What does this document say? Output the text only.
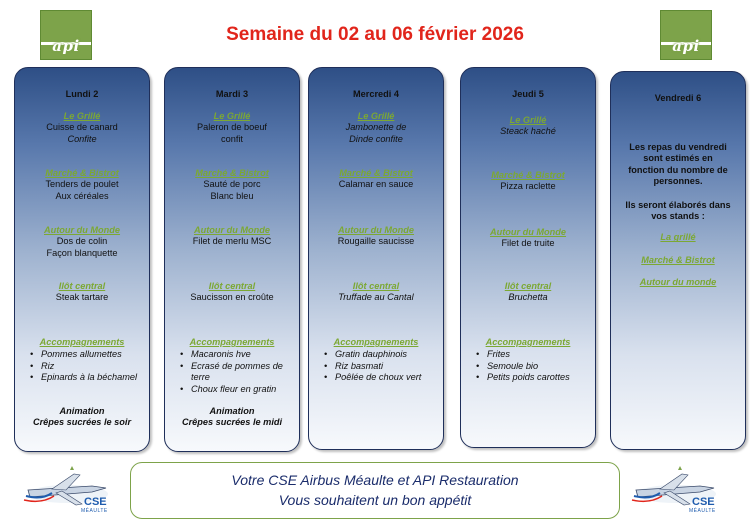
api	api
Semaine du 02 au 06 février 2026
Lundi 2
Le Grillé
Cuisse de canard
Confite
Marché & Bistrot
Tenders de poulet
Aux céréales
Autour du Monde
Dos de colin
Façon blanquette
Ilôt central
Steak tartare
Accompagnements
• Pommes allumettes
• Riz
• Epinards à la béchamel
Animation
Crêpes sucrées le soir
Mardi 3
Le Grillé
Paleron de boeuf
confit
Marché & Bistrot
Sauté de porc
Blanc bleu
Autour du Monde
Filet de merlu MSC
Ilôt central
Saucisson en croûte
Accompagnements
• Macaronis hve
• Ecrasé de pommes de terre
• Choux fleur en gratin
Animation
Crêpes sucrées le midi
Mercredi 4
Le Grillé
Jambonette de
Dinde confite
Marché & Bistrot
Calamar en sauce
Autour du Monde
Rougaille saucisse
Ilôt central
Truffade au Cantal
Accompagnements
• Gratin dauphinois
• Riz basmati
• Poêlée de choux vert
Jeudi 5
Le Grillé
Steack haché
Marché & Bistrot
Pizza raclette
Autour du Monde
Filet de truite
Ilôt central
Bruchetta
Accompagnements
• Frites
• Semoule bio
• Petits poids carottes
Vendredi 6
Les repas du vendredi
sont estimés en
fonction du nombre de
personnes.
Ils seront élaborés dans
vos stands :
La grillé
Marché & Bistrot
Autour du monde
Votre CSE Airbus Méaulte et API Restauration
Vous souhaitent un bon appétit
CSE
MÉAULTE
CSE
MÉAULTE
